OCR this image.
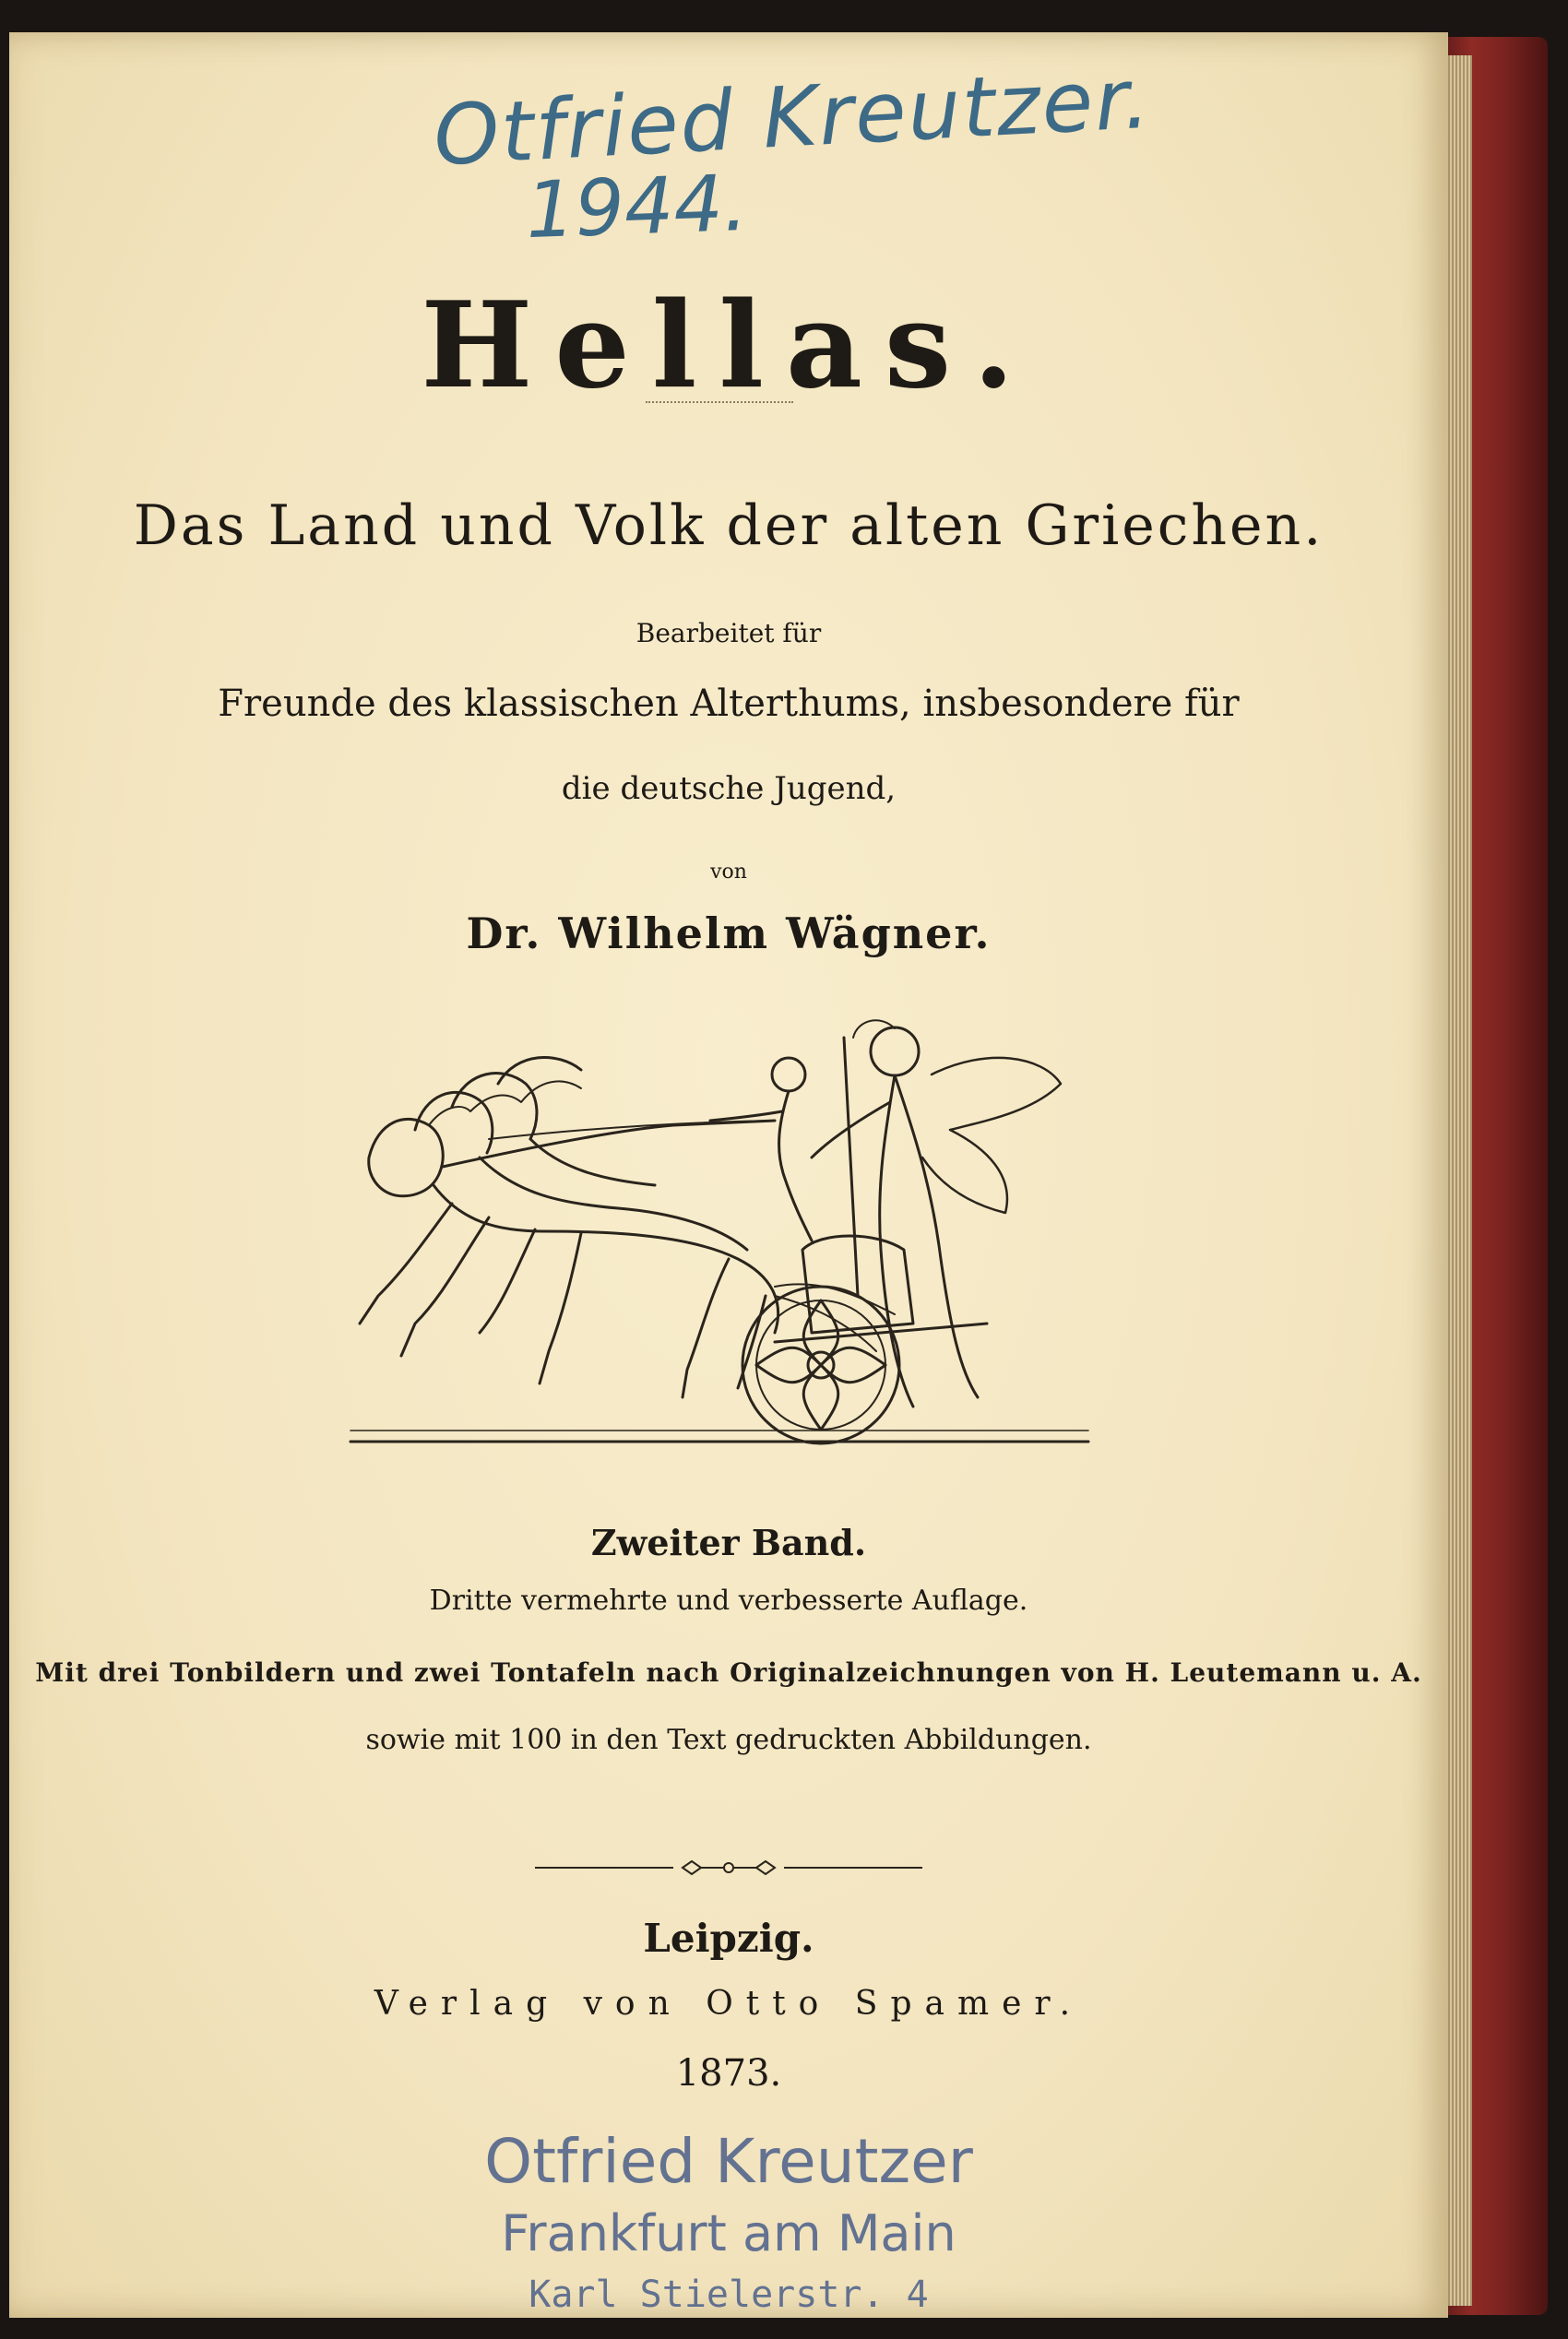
Otfried Kreutzer.
1944.
Hellas.
Das Land und Volk der alten Griechen.
Bearbeitet für
Freunde des klassischen Alterthums, insbesondere für
die deutsche Jugend,
von
Dr. Wilhelm Wägner.
Zweiter Band.
Dritte vermehrte und verbesserte Auflage.
Mit drei Tonbildern und zwei Tontafeln nach Originalzeichnungen von H. Leutemann u. A.
sowie mit 100 in den Text gedruckten Abbildungen.
Leipzig.
Verlag von Otto Spamer.
1873.
Otfried Kreutzer
Frankfurt am Main
Karl Stielerstr. 4
